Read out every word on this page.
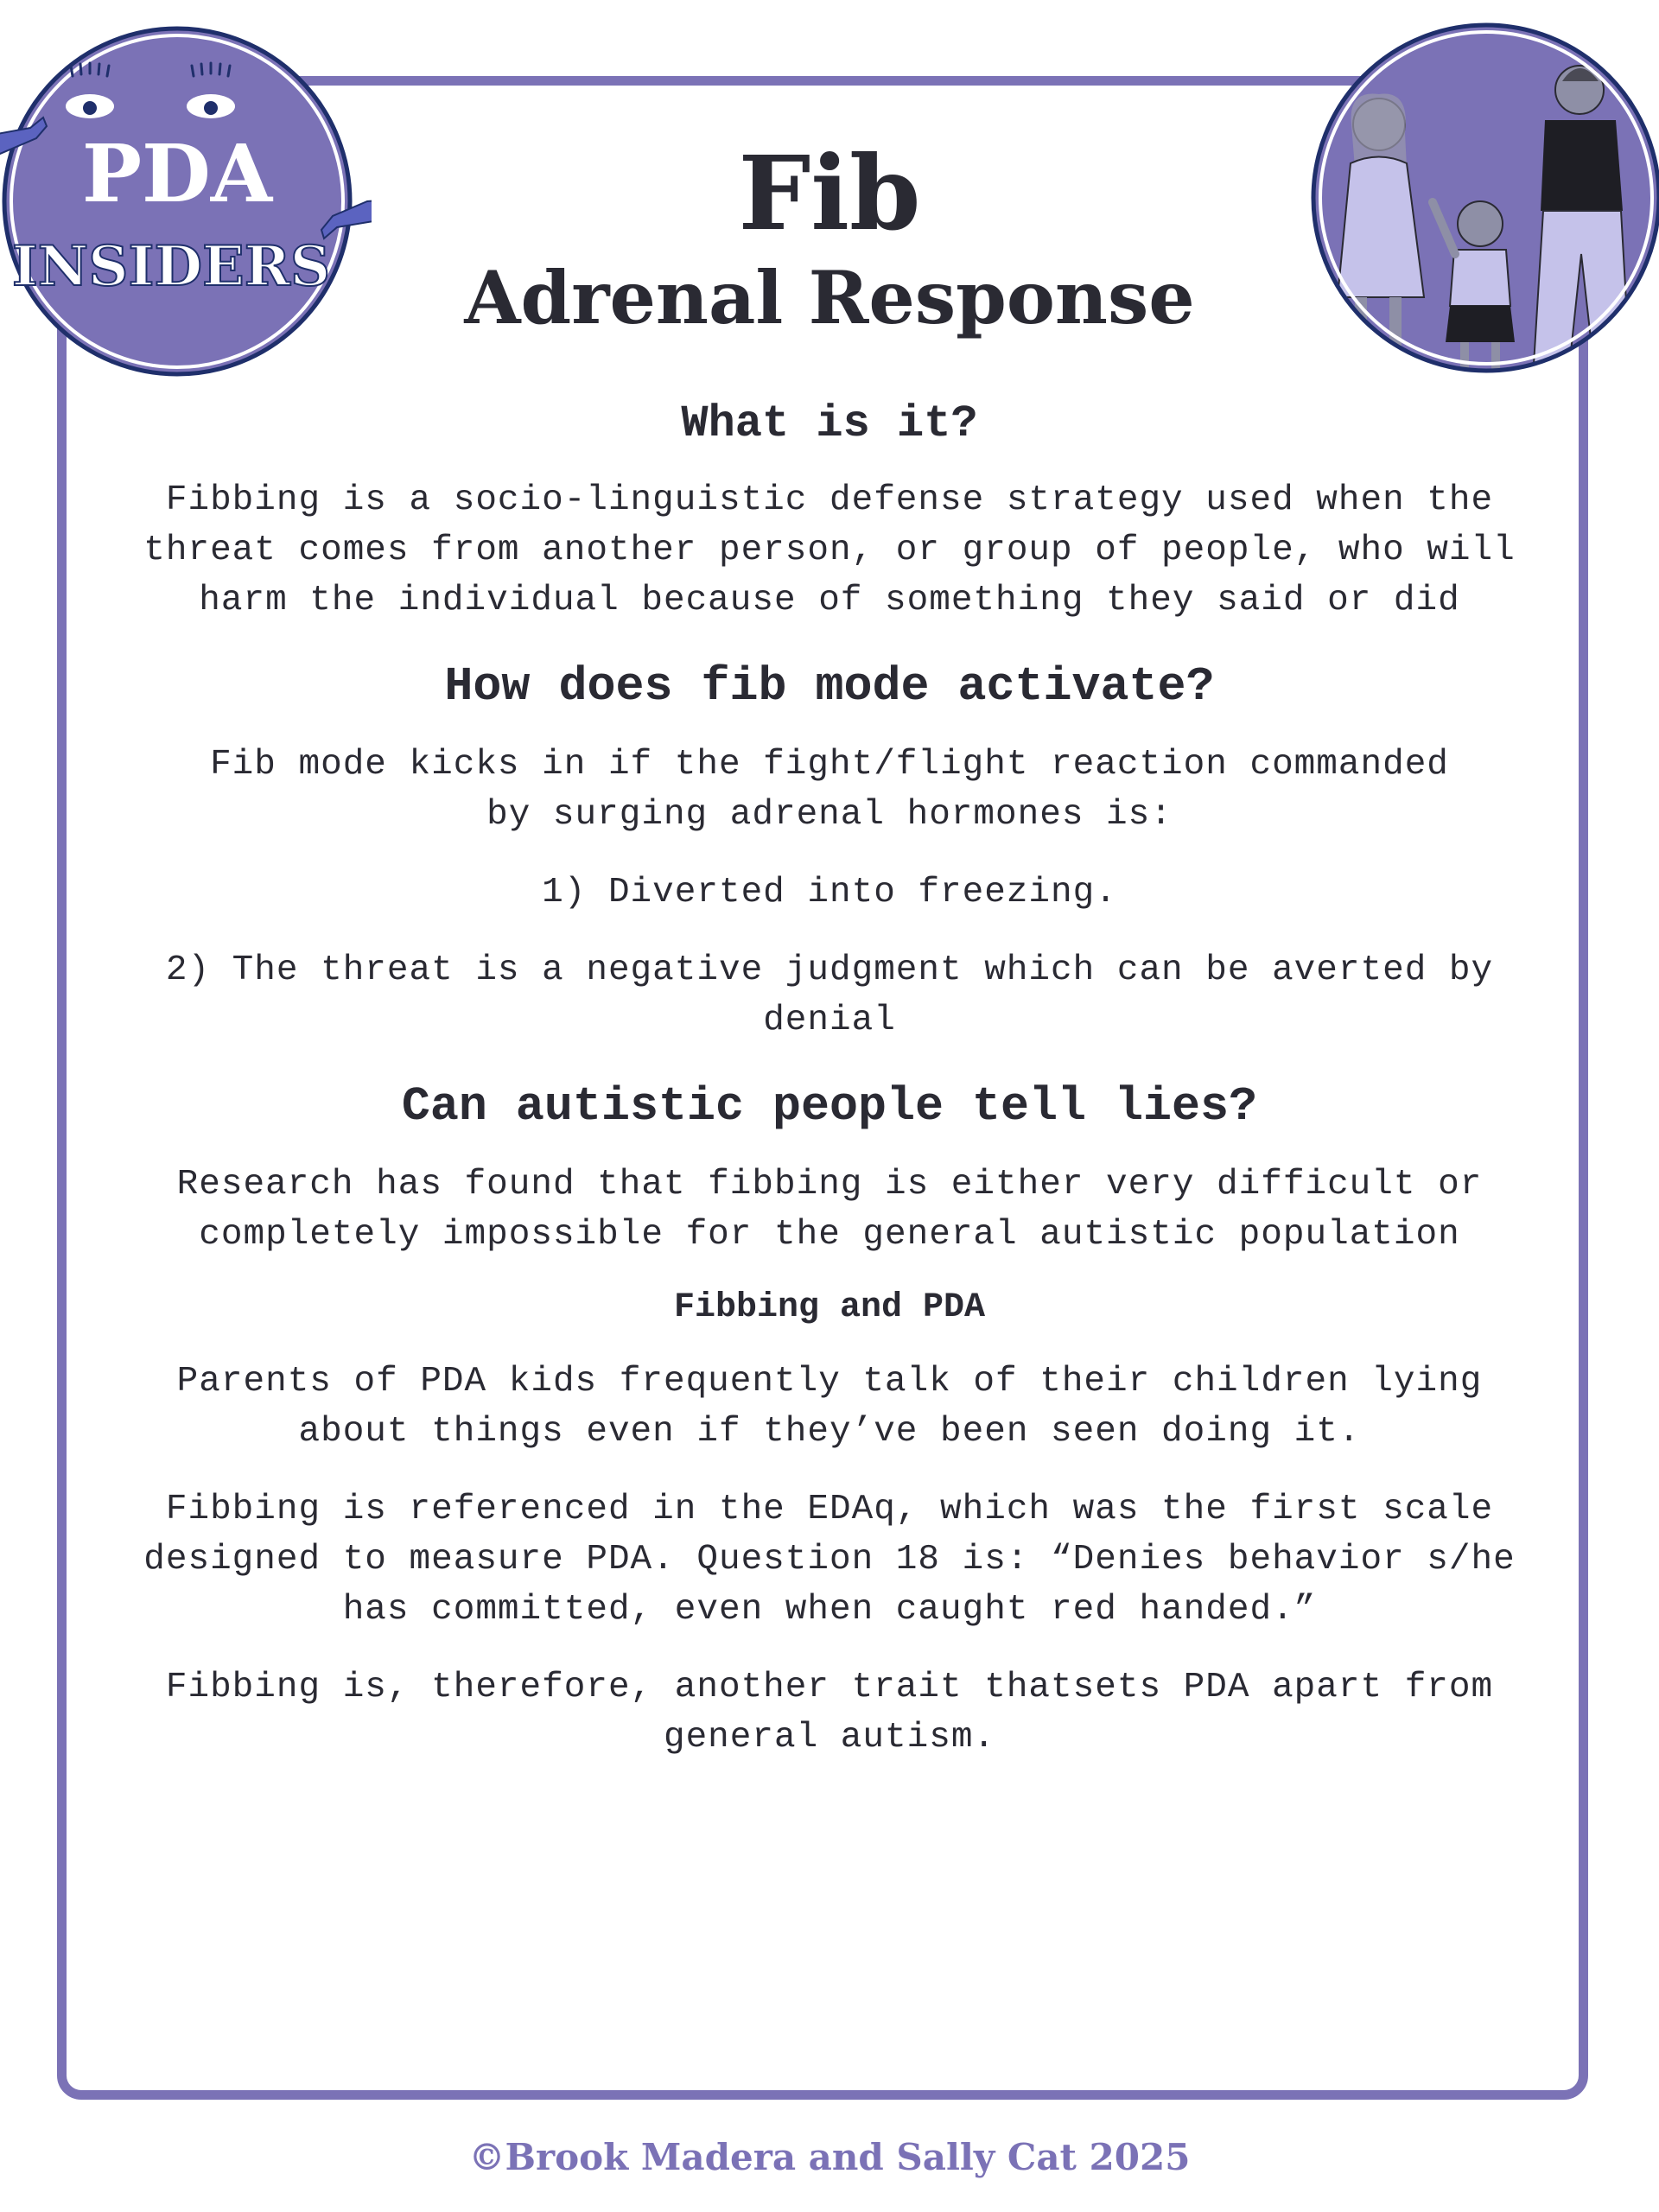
PDA
INSIDERS
Fib
Adrenal Response
What is it?
Fibbing is a socio-linguistic defense strategy used when the threat comes from another person, or group of people, who will harm the individual because of something they said or did
How does fib mode activate?
Fib mode kicks in if the fight/flight reaction commanded by surging adrenal hormones is:
1) Diverted into freezing.
2) The threat is a negative judgment which can be averted by denial
Can autistic people tell lies?
Research has found that fibbing is either very difficult or completely impossible for the general autistic population
Fibbing and PDA
Parents of PDA kids frequently talk of their children lying about things even if they’ve been seen doing it.
Fibbing is referenced in the EDAq, which was the first scale designed to measure PDA. Question 18 is: “Denies behavior s/he has committed, even when caught red handed.”
Fibbing is, therefore, another trait thatsets PDA apart from general autism.
©Brook Madera and Sally Cat 2025
